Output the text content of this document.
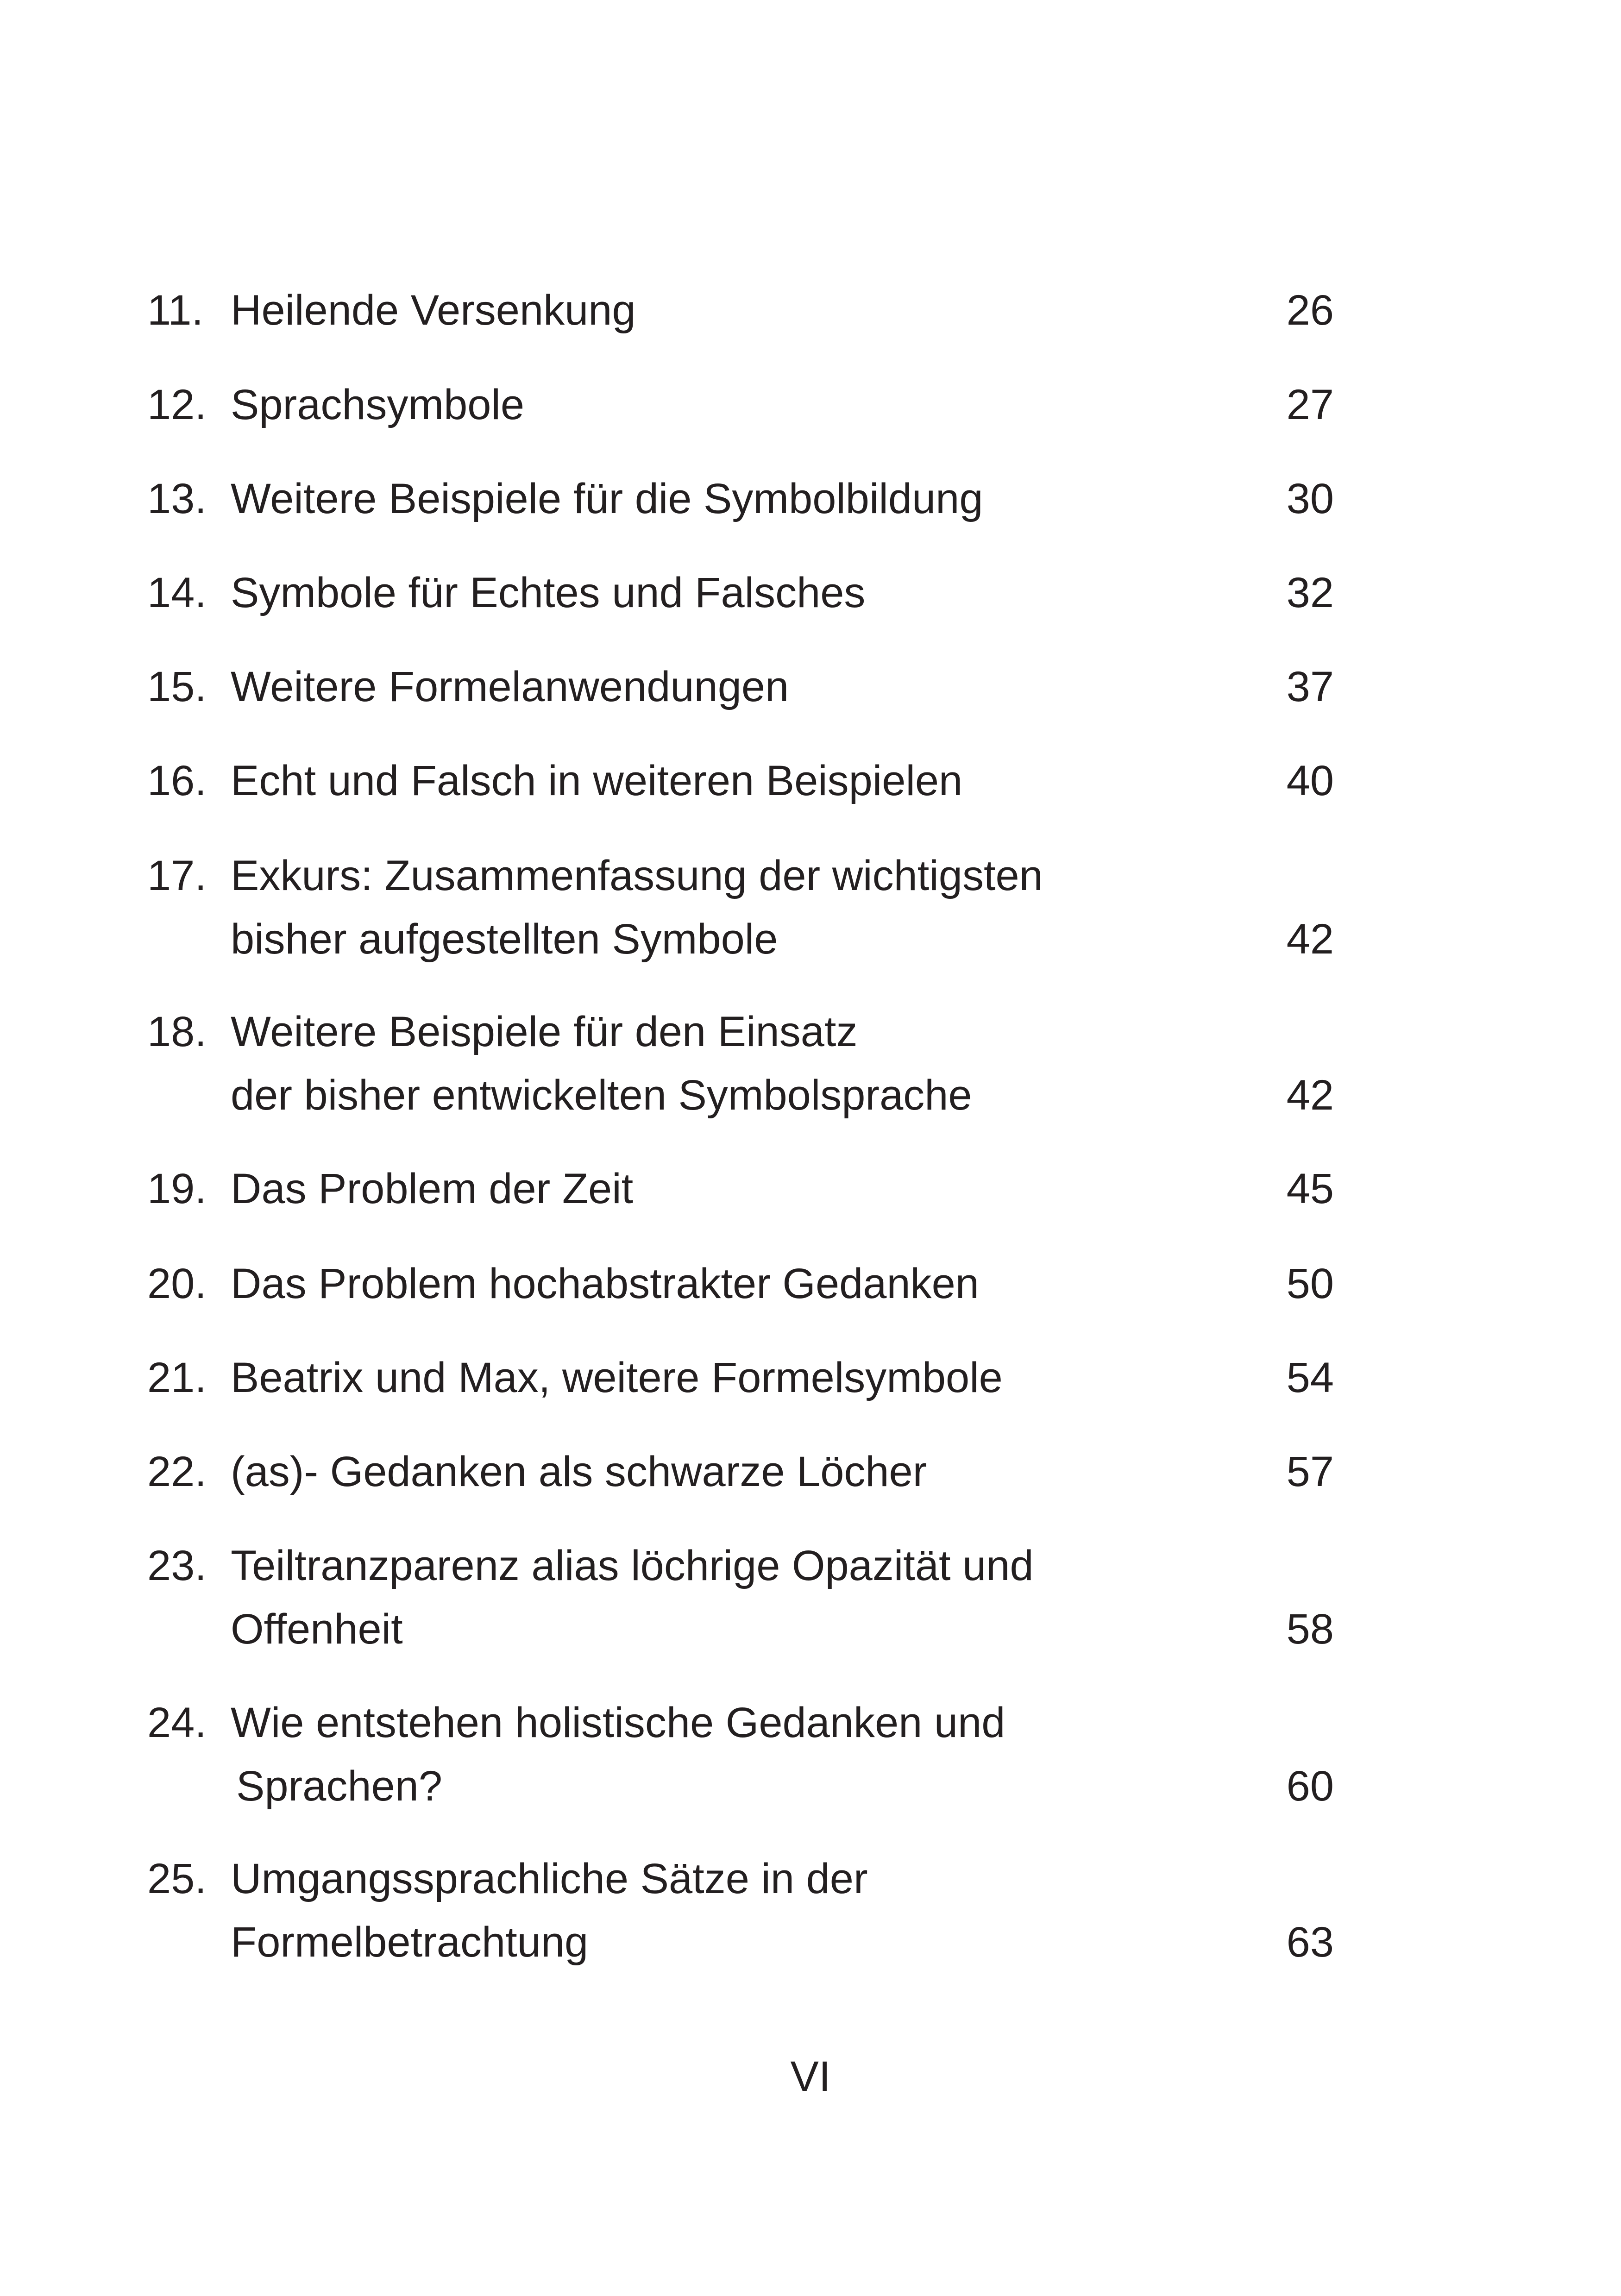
11. Heilende Versenkung	26
12. Sprachsymbole	27
13. Weitere Beispiele für die Symbolbildung	30
14. Symbole für Echtes und Falsches	32
15. Weitere Formelanwendungen	37
16. Echt und Falsch in weiteren Beispielen	40
17. Exkurs: Zusammenfassung der wichtigsten
bisher aufgestellten Symbole	42
18. Weitere Beispiele für den Einsatz
der bisher entwickelten Symbolsprache	42
19. Das Problem der Zeit	45
20. Das Problem hochabstrakter Gedanken	50
21. Beatrix und Max, weitere Formelsymbole	54
22. (as)- Gedanken als schwarze Löcher	57
23. Teiltranzparenz alias löchrige Opazität und
Offenheit	58
24. Wie entstehen holistische Gedanken und
Sprachen?	60
25. Umgangssprachliche Sätze in der
Formelbetrachtung	63
VI
